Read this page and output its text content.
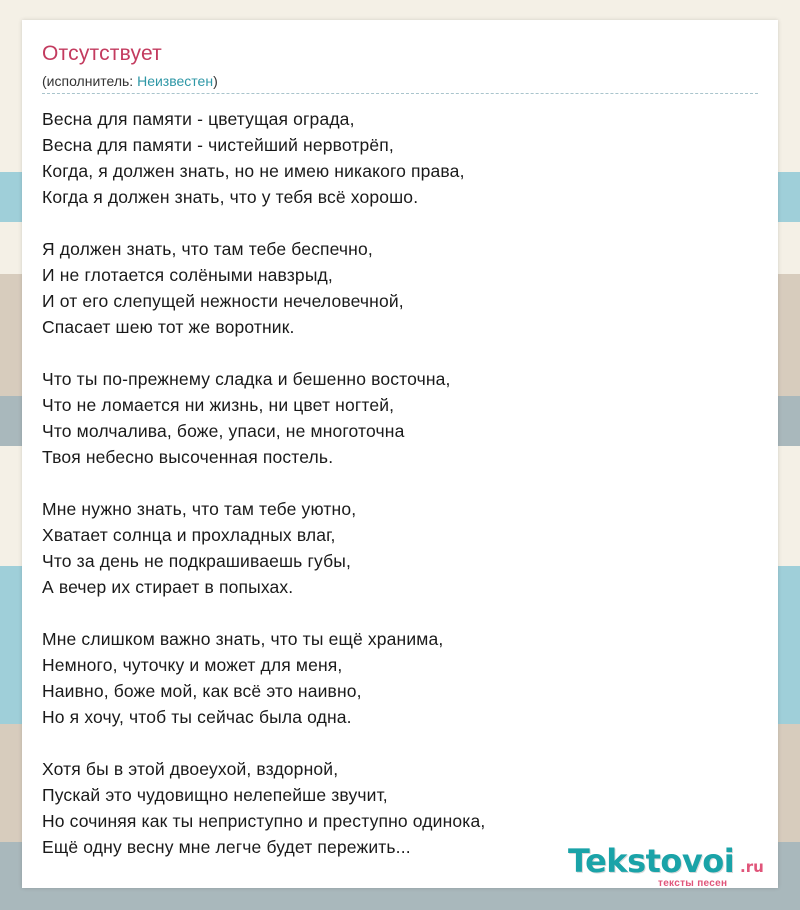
Отсутствует
(исполнитель: Неизвестен)
Весна для памяти - цветущая ограда,
Весна для памяти - чистейший нервотрёп,
Когда, я должен знать, но не имею никакого права,
Когда я должен знать, что у тебя всё хорошо.
Я должен знать, что там тебе беспечно,
И не глотается солёными навзрыд,
И от его слепущей нежности нечеловечной,
Спасает шею тот же воротник.
Что ты по-прежнему сладка и бешенно восточна,
Что не ломается ни жизнь, ни цвет ногтей,
Что молчалива, боже, упаси, не многоточна
Твоя небесно высоченная постель.
Мне нужно знать, что там тебе уютно,
Хватает солнца и прохладных влаг,
Что за день не подкрашиваешь губы,
А вечер их стирает в попыхах.
Мне слишком важно знать, что ты ещё хранима,
Немного, чуточку и может для меня,
Наивно, боже мой, как всё это наивно,
Но я хочу, чтоб ты сейчас была одна.
Хотя бы в этой двоеухой, вздорной,
Пускай это чудовищно нелепейше звучит,
Но сочиняя как ты неприступно и преступно одинока,
Ещё одну весну мне легче будет пережить...	Tekstovoi .ru
тексты песен
